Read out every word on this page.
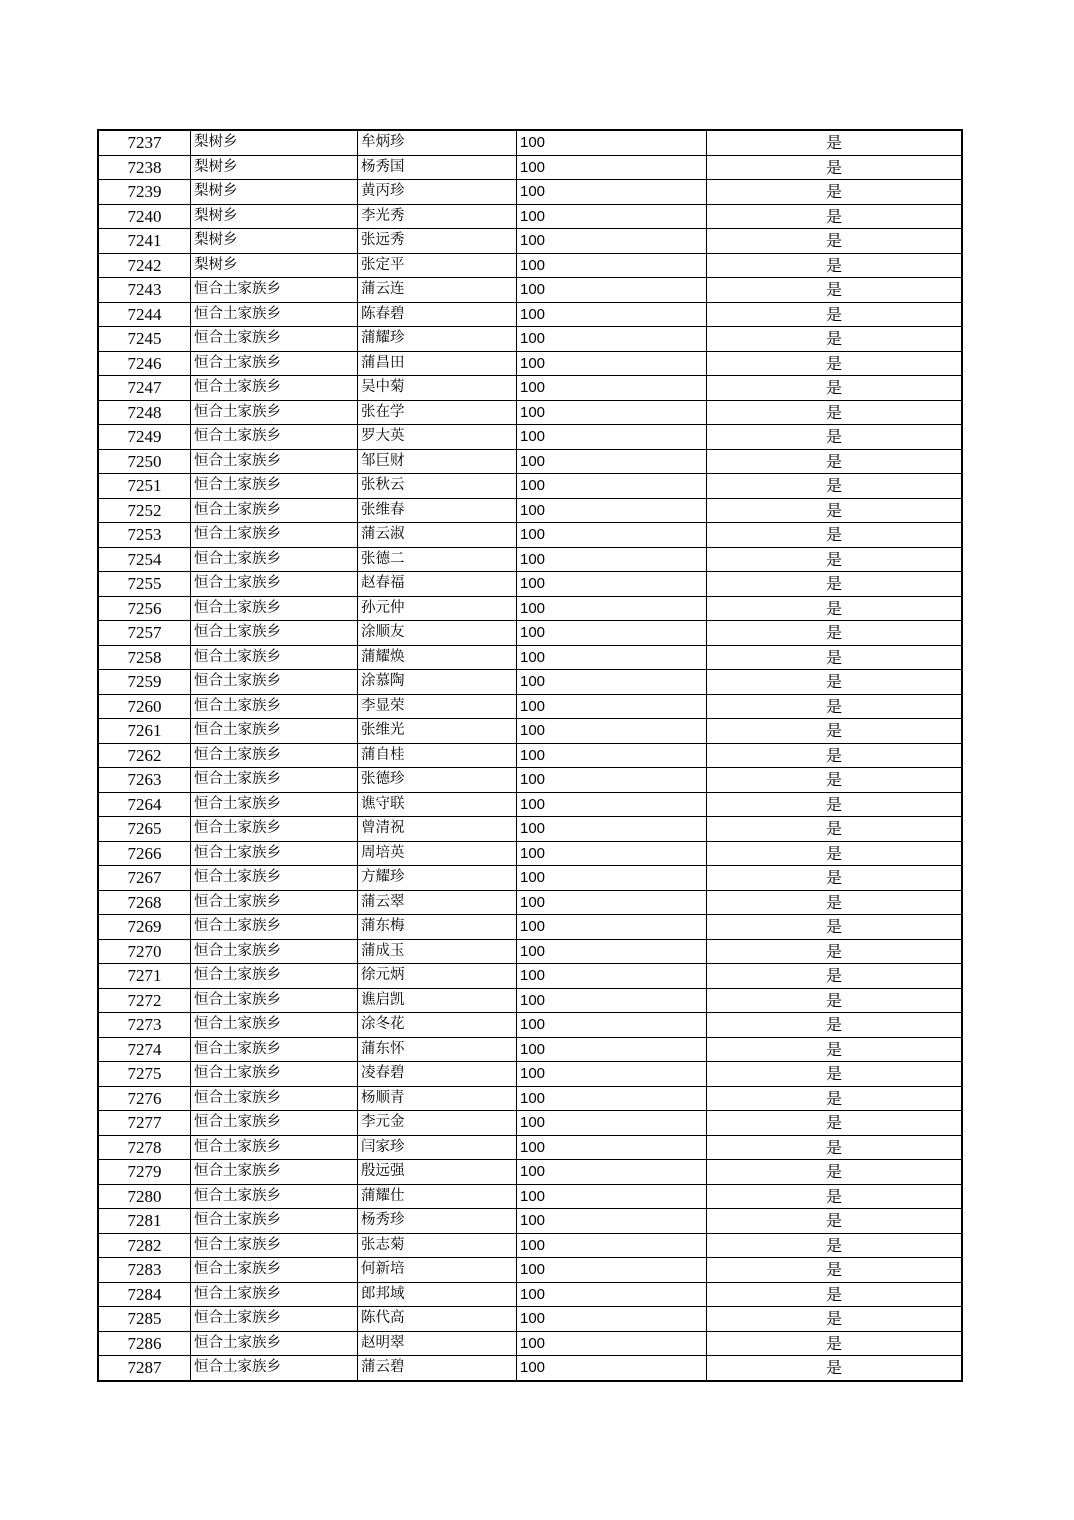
7237	梨树乡	牟炳珍	100	是
7238	梨树乡	杨秀国	100	是
7239	梨树乡	黄丙珍	100	是
7240	梨树乡	李光秀	100	是
7241	梨树乡	张远秀	100	是
7242	梨树乡	张定平	100	是
7243	恒合土家族乡	蒲云连	100	是
7244	恒合土家族乡	陈春碧	100	是
7245	恒合土家族乡	蒲耀珍	100	是
7246	恒合土家族乡	蒲昌田	100	是
7247	恒合土家族乡	吴中菊	100	是
7248	恒合土家族乡	张在学	100	是
7249	恒合土家族乡	罗大英	100	是
7250	恒合土家族乡	邹巨财	100	是
7251	恒合土家族乡	张秋云	100	是
7252	恒合土家族乡	张维春	100	是
7253	恒合土家族乡	蒲云淑	100	是
7254	恒合土家族乡	张德二	100	是
7255	恒合土家族乡	赵春福	100	是
7256	恒合土家族乡	孙元仲	100	是
7257	恒合土家族乡	涂顺友	100	是
7258	恒合土家族乡	蒲耀焕	100	是
7259	恒合土家族乡	涂慕陶	100	是
7260	恒合土家族乡	李显荣	100	是
7261	恒合土家族乡	张维光	100	是
7262	恒合土家族乡	蒲自桂	100	是
7263	恒合土家族乡	张德珍	100	是
7264	恒合土家族乡	谯守联	100	是
7265	恒合土家族乡	曾清祝	100	是
7266	恒合土家族乡	周培英	100	是
7267	恒合土家族乡	方耀珍	100	是
7268	恒合土家族乡	蒲云翠	100	是
7269	恒合土家族乡	蒲东梅	100	是
7270	恒合土家族乡	蒲成玉	100	是
7271	恒合土家族乡	徐元炳	100	是
7272	恒合土家族乡	谯启凯	100	是
7273	恒合土家族乡	涂冬花	100	是
7274	恒合土家族乡	蒲东怀	100	是
7275	恒合土家族乡	凌春碧	100	是
7276	恒合土家族乡	杨顺青	100	是
7277	恒合土家族乡	李元金	100	是
7278	恒合土家族乡	闫家珍	100	是
7279	恒合土家族乡	殷远强	100	是
7280	恒合土家族乡	蒲耀仕	100	是
7281	恒合土家族乡	杨秀珍	100	是
7282	恒合土家族乡	张志菊	100	是
7283	恒合土家族乡	何新培	100	是
7284	恒合土家族乡	郎邦域	100	是
7285	恒合土家族乡	陈代高	100	是
7286	恒合土家族乡	赵明翠	100	是
7287	恒合土家族乡	蒲云碧	100	是
